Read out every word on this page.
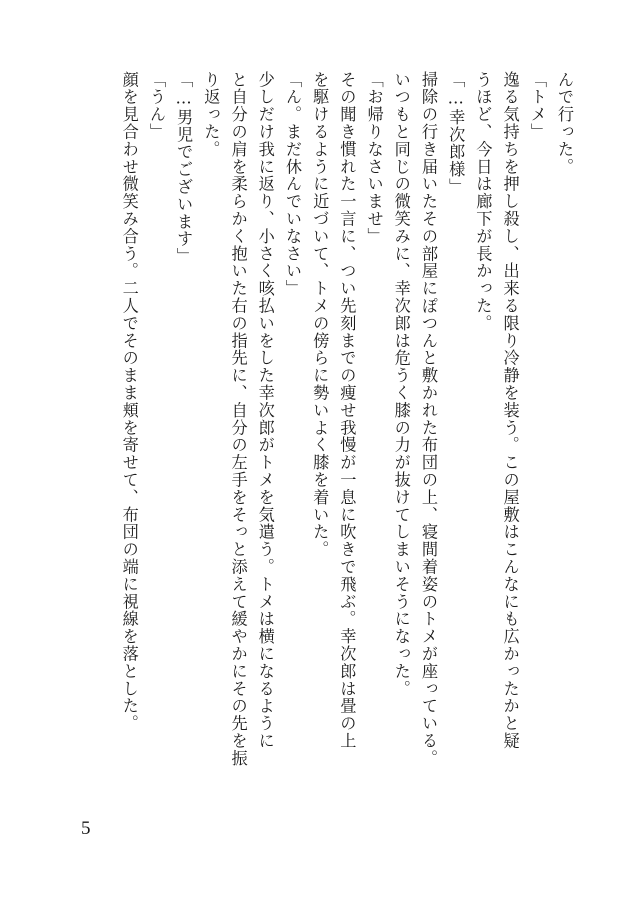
んで行った。
「トメ」
逸る気持ちを押し殺し、出来る限り冷静を装う。この屋敷はこんなにも広かったかと疑
うほど、今日は廊下が長かった。
「…幸次郎様」
掃除の行き届いたその部屋にぽつんと敷かれた布団の上、寝間着姿のトメが座っている。
いつもと同じの微笑みに、幸次郎は危うく膝の力が抜けてしまいそうになった。
「お帰りなさいませ」
その聞き慣れた一言に、つい先刻までの痩せ我慢が一息に吹きで飛ぶ。幸次郎は畳の上
を駆けるように近づいて、トメの傍らに勢いよく膝を着いた。
「ん。まだ休んでいなさい」
少しだけ我に返り、小さく咳払いをした幸次郎がトメを気遣う。トメは横になるように
と自分の肩を柔らかく抱いた右の指先に、自分の左手をそっと添えて緩やかにその先を振
り返った。
「…男児でございます」
「うん」
顔を見合わせ微笑み合う。二人でそのまま頬を寄せて、布団の端に視線を落とした。
5
